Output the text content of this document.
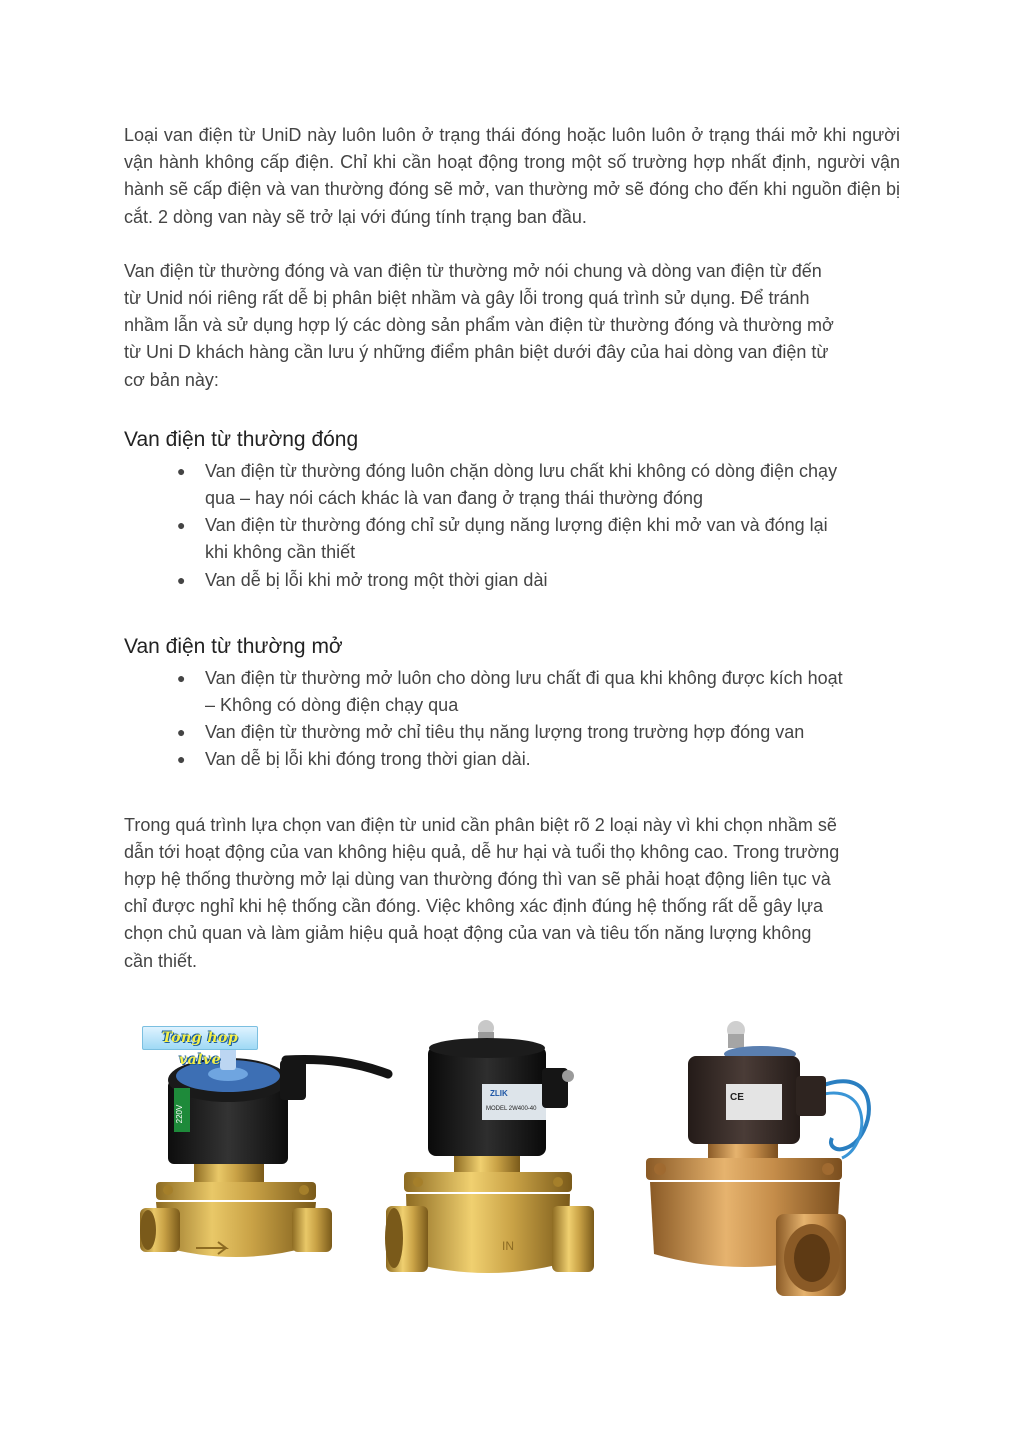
Loại van điện từ UniD này luôn luôn ở trạng thái đóng hoặc luôn luôn ở trạng thái mở khi người vận hành không cấp điện. Chỉ khi cần hoạt động trong một số trường hợp nhất định, người vận hành sẽ cấp điện và van thường đóng sẽ mở, van thường mở sẽ đóng cho đến khi nguồn điện bị cắt. 2 dòng van này sẽ trở lại với đúng tính trạng ban đầu.

Van điện từ thường đóng và van điện từ thường mở nói chung và dòng van điện từ đến
từ Unid nói riêng rất dễ bị phân biệt nhầm và gây lỗi trong quá trình sử dụng. Để tránh
nhầm lẫn và sử dụng hợp lý các dòng sản phẩm vàn điện từ thường đóng và thường mở
từ Uni D khách hàng cần lưu ý những điểm phân biệt dưới đây của hai dòng van điện từ
cơ bản này:

Van điện từ thường đóng
● Van điện từ thường đóng luôn chặn dòng lưu chất khi không có dòng điện chạy
qua – hay nói cách khác là van đang ở trạng thái thường đóng
● Van điện từ thường đóng chỉ sử dụng năng lượng điện khi mở van và đóng lại
khi không cần thiết
● Van dễ bị lỗi khi mở trong một thời gian dài
Van điện từ thường mở
● Van điện từ thường mở luôn cho dòng lưu chất đi qua khi không được kích hoạt
– Không có dòng điện chạy qua
● Van điện từ thường mở chỉ tiêu thụ năng lượng trong trường hợp đóng van
● Van dễ bị lỗi khi đóng trong thời gian dài.

Trong quá trình lựa chọn van điện từ unid cần phân biệt rõ 2 loại này vì khi chọn nhầm sẽ
dẫn tới hoạt động của van không hiệu quả, dễ hư hại và tuổi thọ không cao. Trong trường
hợp hệ thống thường mở lại dùng van thường đóng thì van sẽ phải hoạt động liên tục và
chỉ được nghỉ khi hệ thống cần đóng. Việc không xác định đúng hệ thống rất dễ gây lựa
chọn chủ quan và làm giảm hiệu quả hoạt động của van và tiêu tốn năng lượng không
cần thiết.

Tong hop valve
220V
ZLIK
MODEL 2W400-40
IN
CE
